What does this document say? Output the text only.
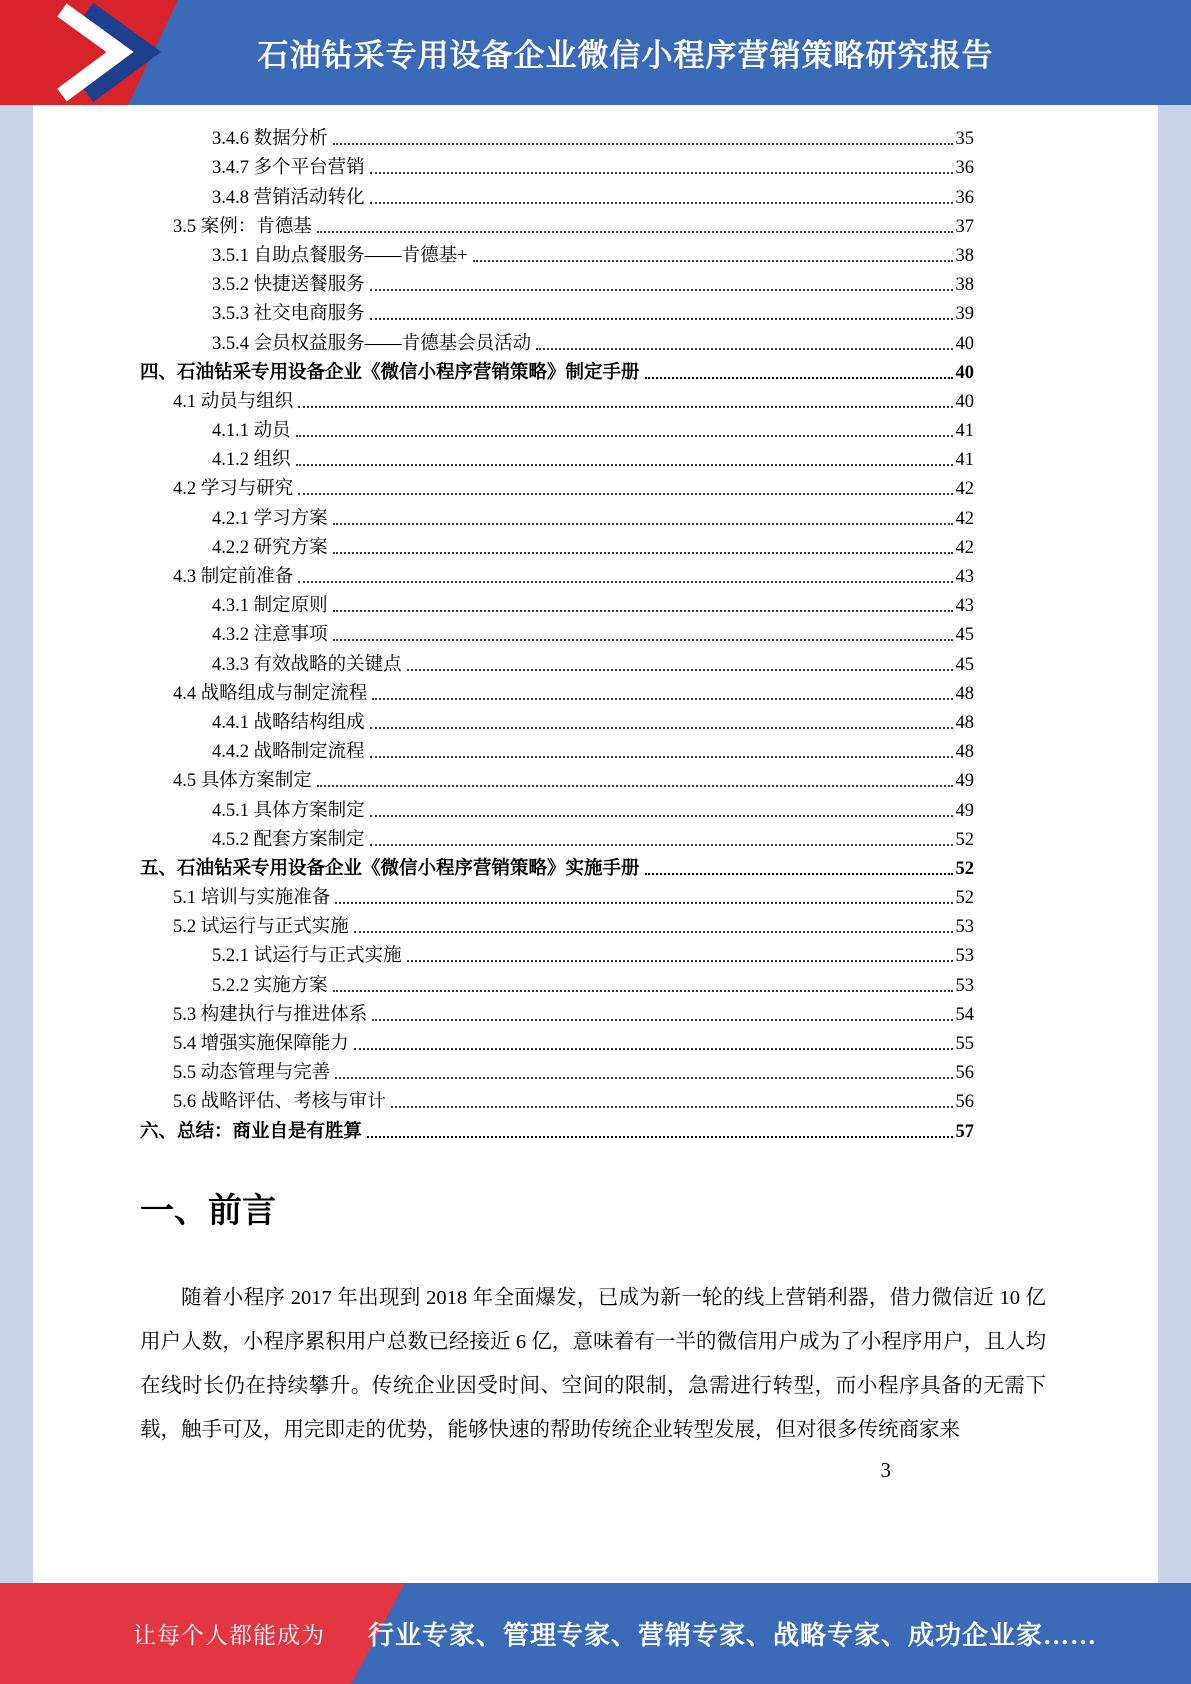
石油钻采专用设备企业微信小程序营销策略研究报告
3.4.6 数据分析	35
3.4.7 多个平台营销	36
3.4.8 营销活动转化	36
3.5 案例：肯德基	37
3.5.1 自助点餐服务——肯德基+	38
3.5.2 快捷送餐服务	38
3.5.3 社交电商服务	39
3.5.4 会员权益服务——肯德基会员活动	40
四、石油钻采专用设备企业《微信小程序营销策略》制定手册	40
4.1 动员与组织	40
4.1.1 动员	41
4.1.2 组织	41
4.2 学习与研究	42
4.2.1 学习方案	42
4.2.2 研究方案	42
4.3 制定前准备	43
4.3.1 制定原则	43
4.3.2 注意事项	45
4.3.3 有效战略的关键点	45
4.4 战略组成与制定流程	48
4.4.1 战略结构组成	48
4.4.2 战略制定流程	48
4.5 具体方案制定	49
4.5.1 具体方案制定	49
4.5.2 配套方案制定	52
五、石油钻采专用设备企业《微信小程序营销策略》实施手册	52
5.1 培训与实施准备	52
5.2 试运行与正式实施	53
5.2.1 试运行与正式实施	53
5.2.2 实施方案	53
5.3 构建执行与推进体系	54
5.4 增强实施保障能力	55
5.5 动态管理与完善	56
5.6 战略评估、考核与审计	56
六、总结：商业自是有胜算	57
一、前言

随着小程序 2017 年出现到 2018 年全面爆发，已成为新一轮的线上营销利器，借力微信近 10 亿用户人数，小程序累积用户总数已经接近 6 亿，意味着有一半的微信用户成为了小程序用户，且人均在线时长仍在持续攀升。传统企业因受时间、空间的限制，急需进行转型，而小程序具备的无需下载，触手可及，用完即走的优势，能够快速的帮助传统企业转型发展，但对很多传统商家来

3
让每个人都能成为 行业专家、管理专家、营销专家、战略专家、成功企业家……
